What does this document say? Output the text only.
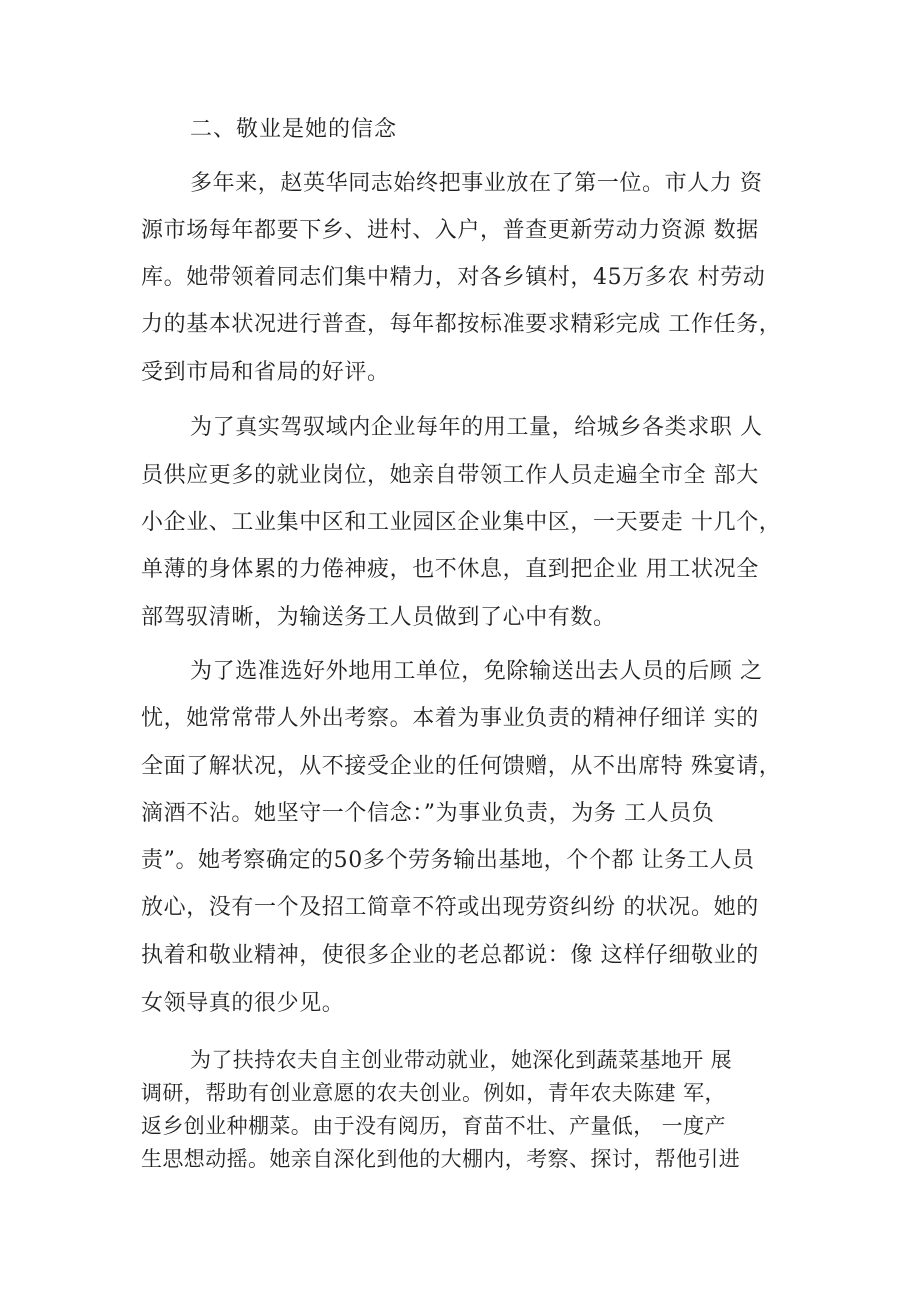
二、敬业是她的信念
多年来，赵英华同志始终把事业放在了第一位。市人力 资
源市场每年都要下乡、进村、入户，普查更新劳动力资源 数据
库。她带领着同志们集中精力，对各乡镇村，45万多农 村劳动
力的基本状况进行普查，每年都按标准要求精彩完成 工作任务，
受到市局和省局的好评。
为了真实驾驭域内企业每年的用工量，给城乡各类求职 人
员供应更多的就业岗位，她亲自带领工作人员走遍全市全 部大
小企业、工业集中区和工业园区企业集中区，一天要走 十几个，
单薄的身体累的力倦神疲，也不休息，直到把企业 用工状况全
部驾驭清晰，为输送务工人员做到了心中有数。
为了选准选好外地用工单位，免除输送出去人员的后顾 之
忧，她常常带人外出考察。本着为事业负责的精神仔细详 实的
全面了解状况，从不接受企业的任何馈赠，从不出席特 殊宴请，
滴酒不沾。她坚守一个信念：”为事业负责，为务 工人员负
责”。她考察确定的50多个劳务输出基地，个个都 让务工人员
放心，没有一个及招工简章不符或出现劳资纠纷 的状况。她的
执着和敬业精神，使很多企业的老总都说：像 这样仔细敬业的
女领导真的很少见。
为了扶持农夫自主创业带动就业，她深化到蔬菜基地开 展
调研，帮助有创业意愿的农夫创业。例如，青年农夫陈建 军，
返乡创业种棚菜。由于没有阅历，育苗不壮、产量低， 一度产
生思想动摇。她亲自深化到他的大棚内，考察、探讨，帮他引进
